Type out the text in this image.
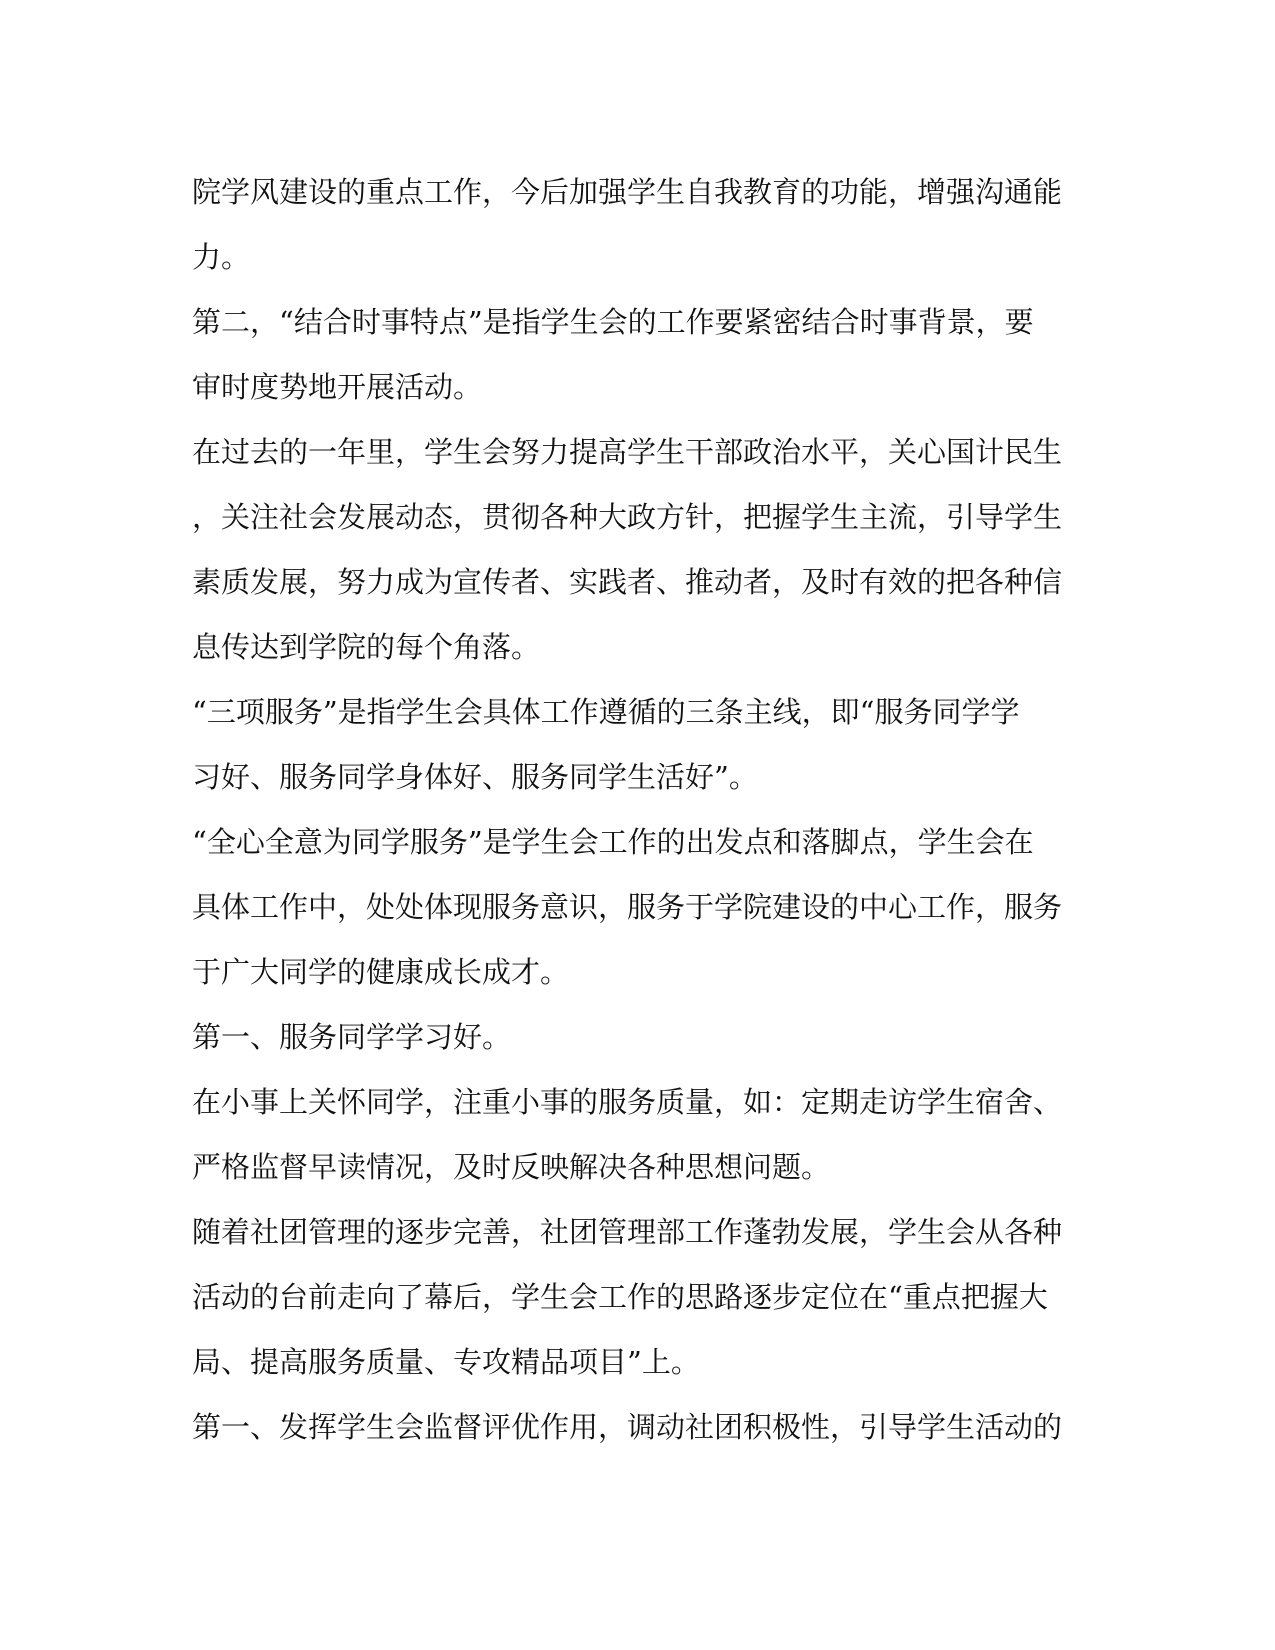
院学风建设的重点工作，今后加强学生自我教育的功能，增强沟通能
力。
第二，“结合时事特点”是指学生会的工作要紧密结合时事背景，要
审时度势地开展活动。
在过去的一年里，学生会努力提高学生干部政治水平，关心国计民生
，关注社会发展动态，贯彻各种大政方针，把握学生主流，引导学生
素质发展，努力成为宣传者、实践者、推动者，及时有效的把各种信
息传达到学院的每个角落。
“三项服务”是指学生会具体工作遵循的三条主线，即“服务同学学
习好、服务同学身体好、服务同学生活好”。
“全心全意为同学服务”是学生会工作的出发点和落脚点，学生会在
具体工作中，处处体现服务意识，服务于学院建设的中心工作，服务
于广大同学的健康成长成才。
第一、服务同学学习好。
在小事上关怀同学，注重小事的服务质量，如：定期走访学生宿舍、
严格监督早读情况，及时反映解决各种思想问题。
随着社团管理的逐步完善，社团管理部工作蓬勃发展，学生会从各种
活动的台前走向了幕后，学生会工作的思路逐步定位在“重点把握大
局、提高服务质量、专攻精品项目”上。
第一、发挥学生会监督评优作用，调动社团积极性，引导学生活动的
